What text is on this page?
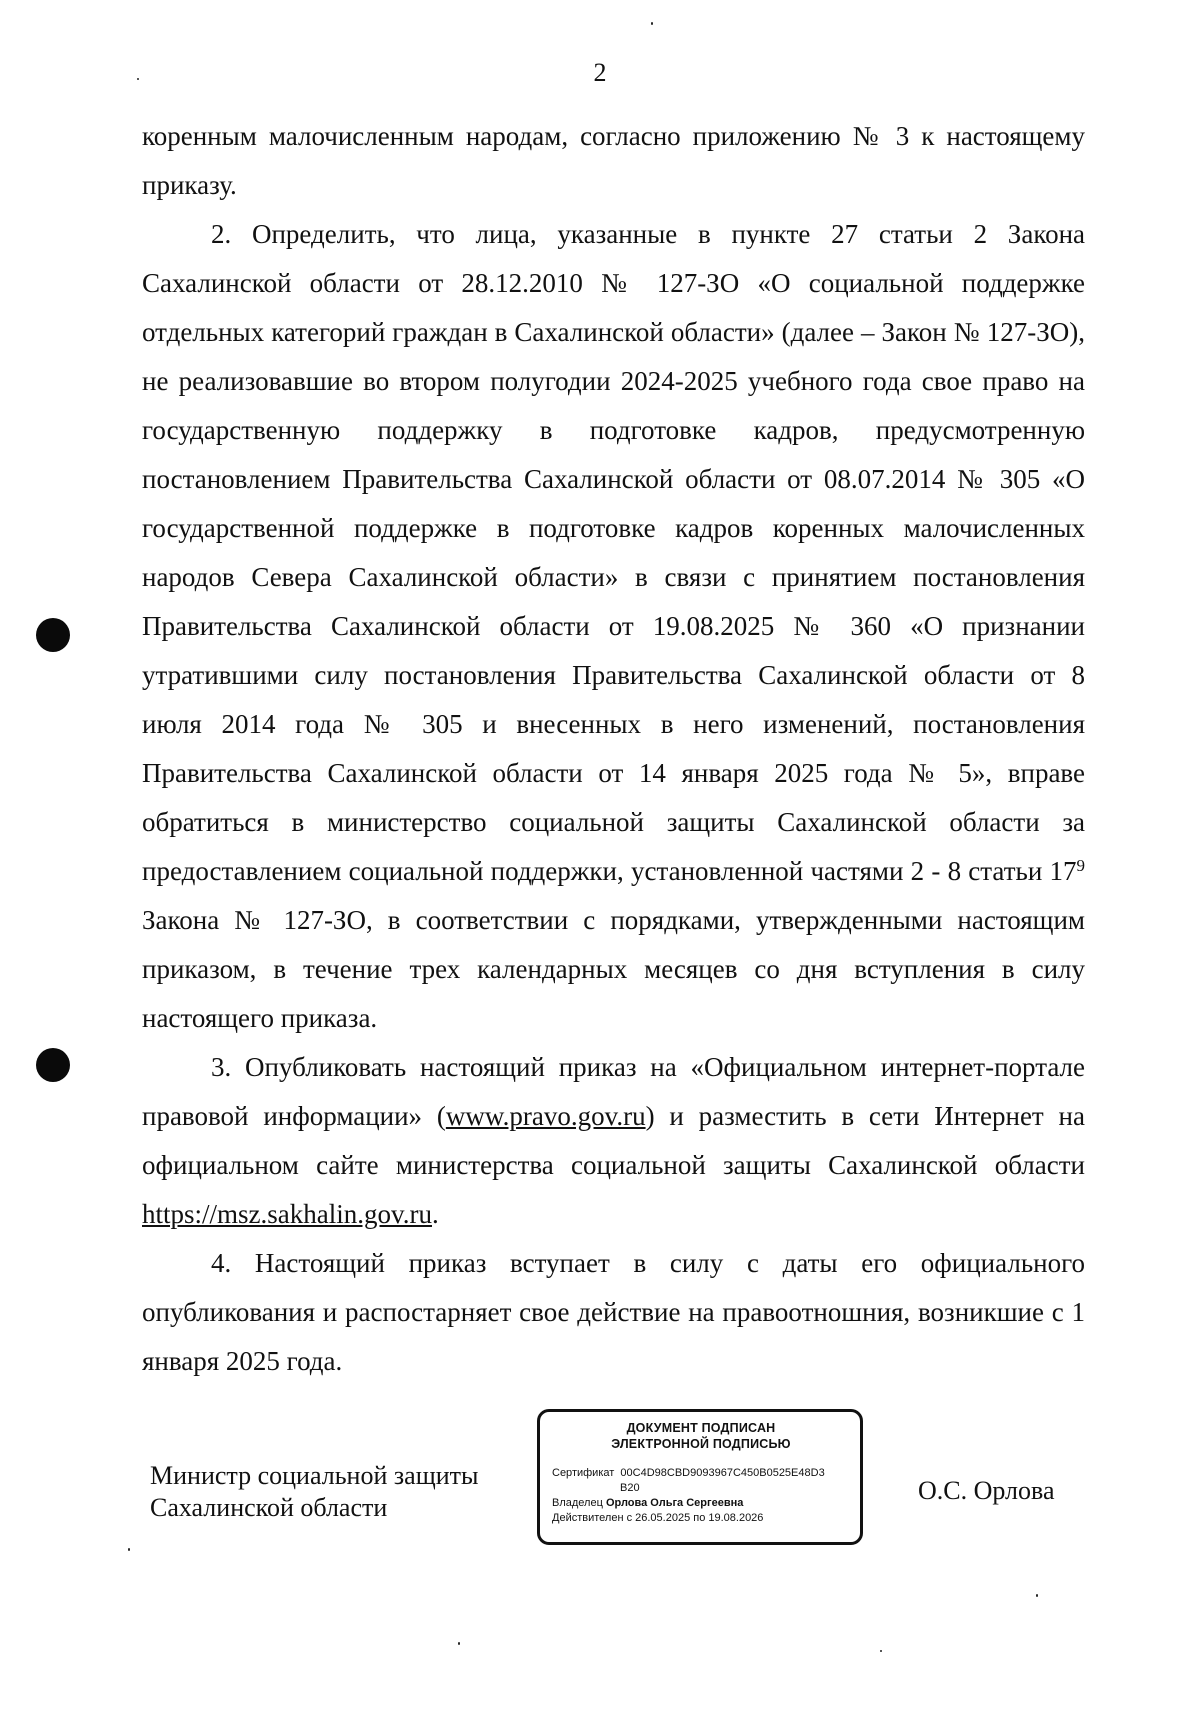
2

коренным малочисленным народам, согласно приложению № 3 к настоящему приказу.

2. Определить, что лица, указанные в пункте 27 статьи 2 Закона Сахалинской области от 28.12.2010 № 127-ЗО «О социальной поддержке отдельных категорий граждан в Сахалинской области» (далее – Закон № 127-ЗО), не реализовавшие во втором полугодии 2024-2025 учебного года свое право на государственную поддержку в подготовке кадров, предусмотренную постановлением Правительства Сахалинской области от 08.07.2014 № 305 «О государственной поддержке в подготовке кадров коренных малочисленных народов Севера Сахалинской области» в связи с принятием постановления Правительства Сахалинской области от 19.08.2025 № 360 «О признании утратившими силу постановления Правительства Сахалинской области от 8 июля 2014 года № 305 и внесенных в него изменений, постановления Правительства Сахалинской области от 14 января 2025 года № 5», вправе обратиться в министерство социальной защиты Сахалинской области за предоставлением социальной поддержки, установленной частями 2 - 8 статьи $17^9$ Закона № 127-ЗО, в соответствии с порядками, утвержденными настоящим приказом, в течение трех календарных месяцев со дня вступления в силу настоящего приказа.

3. Опубликовать настоящий приказ на «Официальном интернет-портале правовой информации» (www.pravo.gov.ru) и разместить в сети Интернет на официальном сайте министерства социальной защиты Сахалинской области https://msz.sakhalin.gov.ru.

4. Настоящий приказ вступает в силу с даты его официального опубликования и распостарняет свое действие на правоотношния, возникшие с 1 января 2025 года.

Министр социальной защиты
Сахалинской области
ДОКУМЕНТ ПОДПИСАН
ЭЛЕКТРОННОЙ ПОДПИСЬЮ
Сертификат 00C4D98CBD9093967C450B0525E48D3
B20
Владелец Орлова Ольга Сергеевна
Действителен с 26.05.2025 по 19.08.2026
О.С. Орлова
